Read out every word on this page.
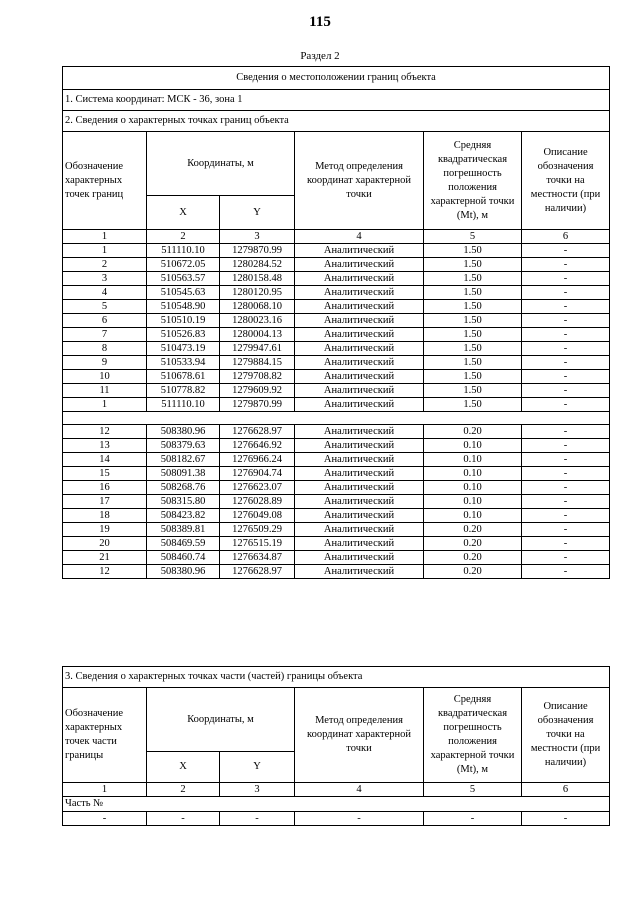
115
Раздел 2
Сведения о местоположении границ объекта					
1. Система координат: МСК - 36, зона 1					
2. Сведения о характерных точках границ объекта					
Обозначение характерных точек границ	Координаты, м		Метод определения координат характерной точки	Средняя квадратическая погрешность положения характерной точки (Mt), м	Описание обозначения точки на местности (при наличии)
	X	Y			
1	2	3	4	5	6
1	511110.10	1279870.99	Аналитический	1.50	-
2	510672.05	1280284.52	Аналитический	1.50	-
3	510563.57	1280158.48	Аналитический	1.50	-
4	510545.63	1280120.95	Аналитический	1.50	-
5	510548.90	1280068.10	Аналитический	1.50	-
6	510510.19	1280023.16	Аналитический	1.50	-
7	510526.83	1280004.13	Аналитический	1.50	-
8	510473.19	1279947.61	Аналитический	1.50	-
9	510533.94	1279884.15	Аналитический	1.50	-
10	510678.61	1279708.82	Аналитический	1.50	-
11	510778.82	1279609.92	Аналитический	1.50	-
1	511110.10	1279870.99	Аналитический	1.50	-

12	508380.96	1276628.97	Аналитический	0.20	-
13	508379.63	1276646.92	Аналитический	0.10	-
14	508182.67	1276966.24	Аналитический	0.10	-
15	508091.38	1276904.74	Аналитический	0.10	-
16	508268.76	1276623.07	Аналитический	0.10	-
17	508315.80	1276028.89	Аналитический	0.10	-
18	508423.82	1276049.08	Аналитический	0.10	-
19	508389.81	1276509.29	Аналитический	0.20	-
20	508469.59	1276515.19	Аналитический	0.20	-
21	508460.74	1276634.87	Аналитический	0.20	-
12	508380.96	1276628.97	Аналитический	0.20	-
3. Сведения о характерных точках части (частей) границы объекта					
Обозначение характерных точек части границы	Координаты, м		Метод определения координат характерной точки	Средняя квадратическая погрешность положения характерной точки (Mt), м	Описание обозначения точки на местности (при наличии)
	X	Y			
1	2	3	4	5	6
Часть №					
-	-	-	-	-	-
